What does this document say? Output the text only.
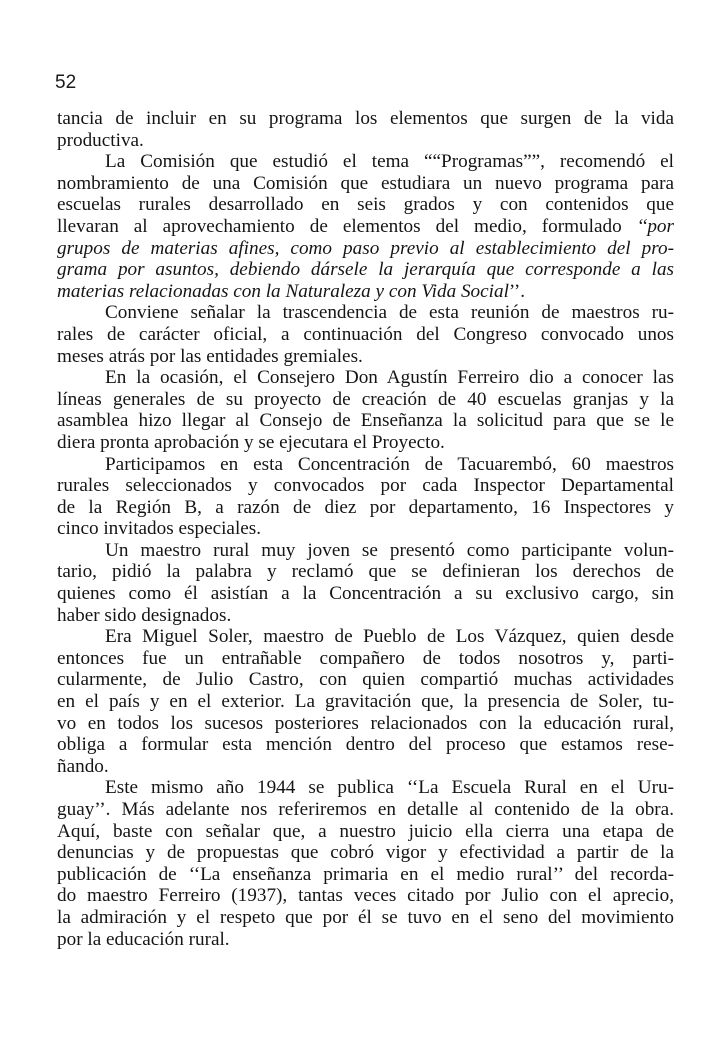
52
tancia de incluir en su programa los elementos que surgen de la vida
productiva.
La Comisión que estudió el tema ““Programas””, recomendó el
nombramiento de una Comisión que estudiara un nuevo programa para
escuelas rurales desarrollado en seis grados y con contenidos que
llevaran al aprovechamiento de elementos del medio, formulado ‘‘por
grupos de materias afines, como paso previo al establecimiento del pro-
grama por asuntos, debiendo dársele la jerarquía que corresponde a las
materias relacionadas con la Naturaleza y con Vida Social’’.
Conviene señalar la trascendencia de esta reunión de maestros ru-
rales de carácter oficial, a continuación del Congreso convocado unos
meses atrás por las entidades gremiales.
En la ocasión, el Consejero Don Agustín Ferreiro dio a conocer las
líneas generales de su proyecto de creación de 40 escuelas granjas y la
asamblea hizo llegar al Consejo de Enseñanza la solicitud para que se le
diera pronta aprobación y se ejecutara el Proyecto.
Participamos en esta Concentración de Tacuarembó, 60 maestros
rurales seleccionados y convocados por cada Inspector Departamental
de la Región B, a razón de diez por departamento, 16 Inspectores y
cinco invitados especiales.
Un maestro rural muy joven se presentó como participante volun-
tario, pidió la palabra y reclamó que se definieran los derechos de
quienes como él asistían a la Concentración a su exclusivo cargo, sin
haber sido designados.
Era Miguel Soler, maestro de Pueblo de Los Vázquez, quien desde
entonces fue un entrañable compañero de todos nosotros y, parti-
cularmente, de Julio Castro, con quien compartió muchas actividades
en el país y en el exterior. La gravitación que, la presencia de Soler, tu-
vo en todos los sucesos posteriores relacionados con la educación rural,
obliga a formular esta mención dentro del proceso que estamos rese-
ñando.
Este mismo año 1944 se publica ‘‘La Escuela Rural en el Uru-
guay’’. Más adelante nos referiremos en detalle al contenido de la obra.
Aquí, baste con señalar que, a nuestro juicio ella cierra una etapa de
denuncias y de propuestas que cobró vigor y efectividad a partir de la
publicación de ‘‘La enseñanza primaria en el medio rural’’ del recorda-
do maestro Ferreiro (1937), tantas veces citado por Julio con el aprecio,
la admiración y el respeto que por él se tuvo en el seno del movimiento
por la educación rural.
